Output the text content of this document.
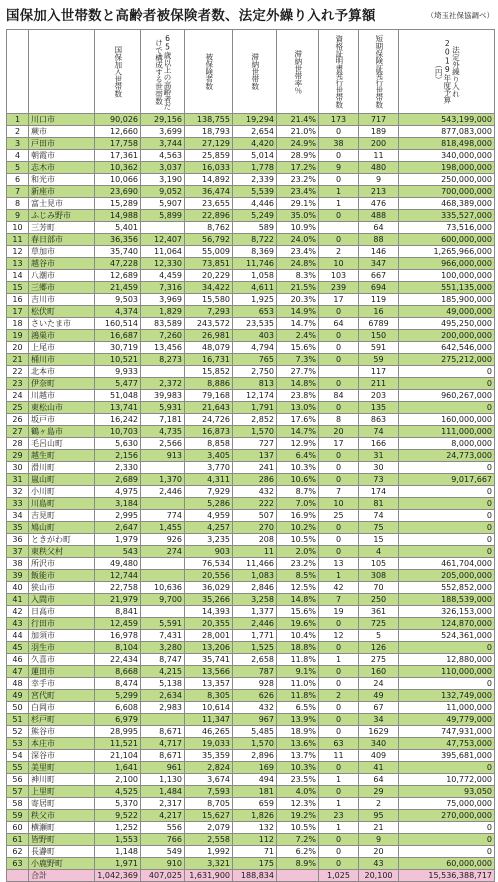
国保加入世帯数と高齢者被保険者数、法定外繰り入れ予算額	（埼玉社保協調べ）

		国保加入世帯数	65歳以上の高齢者だけで構成する世帯数	被保険者数	滞納世帯数	滞納世帯率％	資格証明書発行世帯数	短期保険証発行世帯数	法定外繰り入れ2019年度予算（円）

1	川口市	90,026	29,156	138,755	19,294	21.4%	173	717	543,199,000
2	蕨市	12,660	3,699	18,793	2,654	21.0%	0	189	877,083,000
3	戸田市	17,758	3,744	27,129	4,420	24.9%	38	200	818,498,000
4	朝霞市	17,361	4,563	25,859	5,014	28.9%	0	11	340,000,000
5	志木市	10,362	3,037	16,033	1,778	17.2%	9	480	198,000,000
6	和光市	10,066	3,190	14,892	2,339	23.2%	0	9	250,000,000
7	新座市	23,690	9,052	36,474	5,539	23.4%	1	213	700,000,000
8	富士見市	15,289	5,907	23,655	4,446	29.1%	1	476	468,389,000
9	ふじみ野市	14,988	5,899	22,896	5,249	35.0%	0	488	335,527,000
10	三芳町	5,401		8,762	589	10.9%		64	73,516,000
11	春日部市	36,356	12,407	56,792	8,722	24.0%	0	88	600,000,000
12	草加市	35,740	11,064	55,009	8,369	23.4%	2	146	1,265,966,000
13	越谷市	47,228	12,330	73,851	11,746	24.8%	10	347	966,000,000
14	八潮市	12,689	4,459	20,229	1,058	8.3%	103	667	100,000,000
15	三郷市	21,459	7,316	34,422	4,611	21.5%	239	694	551,135,000
16	吉川市	9,503	3,969	15,580	1,925	20.3%	17	119	185,900,000
17	松伏町	4,374	1,829	7,293	653	14.9%	0	16	49,000,000
18	さいたま市	160,514	83,589	243,572	23,535	14.7%	64	6789	495,250,000
19	鴻巣市	16,687	7,260	26,981	403	2.4%	0	150	200,000,000
20	上尾市	30,719	13,456	48,079	4,794	15.6%	0	591	642,546,000
21	桶川市	10,521	8,273	16,731	765	7.3%	0	59	275,212,000
22	北本市	9,933		15,852	2,750	27.7%		117	0
23	伊奈町	5,477	2,372	8,886	813	14.8%	0	211	0
24	川越市	51,048	39,983	79,168	12,174	23.8%	84	203	960,267,000
25	東松山市	13,741	5,931	21,643	1,791	13.0%	0	135	0
26	坂戸市	16,242	7,181	24,726	2,852	17.6%	8	863	160,000,000
27	鶴ヶ島市	10,703	4,735	16,873	1,570	14.7%	20	74	111,000,000
28	毛呂山町	5,630	2,566	8,858	727	12.9%	17	166	8,000,000
29	越生町	2,156	913	3,405	137	6.4%	0	31	24,773,000
30	滑川町	2,330		3,770	241	10.3%	0	30	0
31	嵐山町	2,689	1,370	4,311	286	10.6%	0	73	9,017,667
32	小川町	4,975	2,446	7,929	432	8.7%	7	174	0
33	川島町	3,184		5,286	222	7.0%	10	81	0
34	吉見町	2,995	774	4,959	507	16.9%	25	74	0
35	鳩山町	2,647	1,455	4,257	270	10.2%	0	75	0
36	ときがわ町	1,979	926	3,235	208	10.5%	0	15	0
37	東秩父村	543	274	903	11	2.0%	0	4	0
38	所沢市	49,480		76,534	11,466	23.2%	13	105	461,704,000
39	飯能市	12,744		20,556	1,083	8.5%	1	308	205,000,000
40	狭山市	22,758	10,636	36,029	2,846	12.5%	42	70	552,852,000
41	入間市	21,979	9,700	35,266	3,258	14.8%	7	250	188,539,000
42	日高市	8,841		14,393	1,377	15.6%	19	361	326,153,000
43	行田市	12,459	5,591	20,355	2,446	19.6%	0	725	124,870,000
44	加須市	16,978	7,431	28,001	1,771	10.4%	12	5	524,361,000
45	羽生市	8,104	3,280	13,206	1,525	18.8%	0	126	0
46	久喜市	22,434	8,747	35,741	2,658	11.8%	1	275	12,880,000
47	蓮田市	8,668	4,215	13,566	787	9.1%	0	160	110,000,000
48	幸手市	8,474	5,138	13,357	928	11.0%	0	24	0
49	宮代町	5,299	2,634	8,305	626	11.8%	2	49	132,749,000
50	白岡市	6,608	2,983	10,614	432	6.5%	0	67	11,000,000
51	杉戸町	6,979		11,347	967	13.9%	0	34	49,779,000
52	熊谷市	28,995	8,671	46,265	5,485	18.9%	0	1629	747,931,000
53	本庄市	11,521	4,717	19,033	1,570	13.6%	63	340	47,753,000
54	深谷市	21,104	8,671	35,359	2,896	13.7%	11	409	395,681,000
55	美里町	1,641	961	2,824	169	10.3%	0	41	0
56	神川町	2,100	1,130	3,674	494	23.5%	1	64	10,772,000
57	上里町	4,525	1,484	7,593	181	4.0%	0	29	93,050
58	寄居町	5,370	2,317	8,705	659	12.3%	1	2	75,000,000
59	秩父市	9,522	4,217	15,627	1,826	19.2%	23	95	270,000,000
60	横瀬町	1,252	556	2,079	132	10.5%	1	21	0
61	皆野町	1,553	766	2,558	112	7.2%	0	9	0
62	長瀞町	1,148	549	1,992	71	6.2%	0	20	0
63	小鹿野町	1,971	910	3,321	175	8.9%	0	43	60,000,000
	合計	1,042,369	407,025	1,631,900	188,834		1,025	20,100	15,536,388,717
